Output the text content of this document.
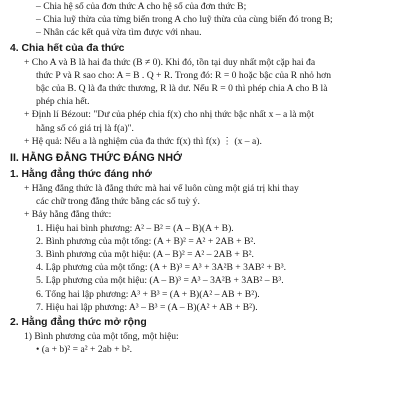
– Chia hệ số của đơn thức A cho hệ số của đơn thức B;
– Chia luỹ thừa của từng biến trong A cho luỹ thừa của cùng biến đó trong B;
– Nhân các kết quả vừa tìm được với nhau.
4. Chia hết của đa thức
+ Cho A và B là hai đa thức (B ≠ 0). Khi đó, tồn tại duy nhất một cặp hai đa
thức P và R sao cho: A = B . Q + R. Trong đó: R = 0 hoặc bậc của R nhỏ hơn
bậc của B. Q là đa thức thương, R là dư. Nếu R = 0 thì phép chia A cho B là
phép chia hết.
+ Định lí Bézout: "Dư của phép chia f(x) cho nhị thức bậc nhất x – a là một
hằng số có giá trị là f(a)".
+ Hệ quả: Nếu a là nghiệm của đa thức f(x) thì f(x) ⋮ (x – a).
II. HẰNG ĐẲNG THỨC ĐÁNG NHỚ
1. Hằng đẳng thức đáng nhớ
+ Hằng đẳng thức là đẳng thức mà hai vế luôn cùng một giá trị khi thay
các chữ trong đẳng thức bằng các số tuỳ ý.
+ Bảy hằng đẳng thức:
1. Hiệu hai bình phương: A² – B² = (A – B)(A + B).
2. Bình phương của một tổng: (A + B)² = A² + 2AB + B².
3. Bình phương của một hiệu: (A – B)² = A² – 2AB + B².
4. Lập phương của một tổng: (A + B)³ = A³ + 3A²B + 3AB² + B³.
5. Lập phương của một hiệu: (A – B)³ = A³ – 3A²B + 3AB² – B³.
6. Tổng hai lập phương: A³ + B³ = (A + B)(A² – AB + B²).
7. Hiệu hai lập phương: A³ – B³ = (A – B)(A² + AB + B²).
2. Hằng đẳng thức mở rộng
1) Bình phương của một tổng, một hiệu:
• (a + b)² = a² + 2ab + b².
